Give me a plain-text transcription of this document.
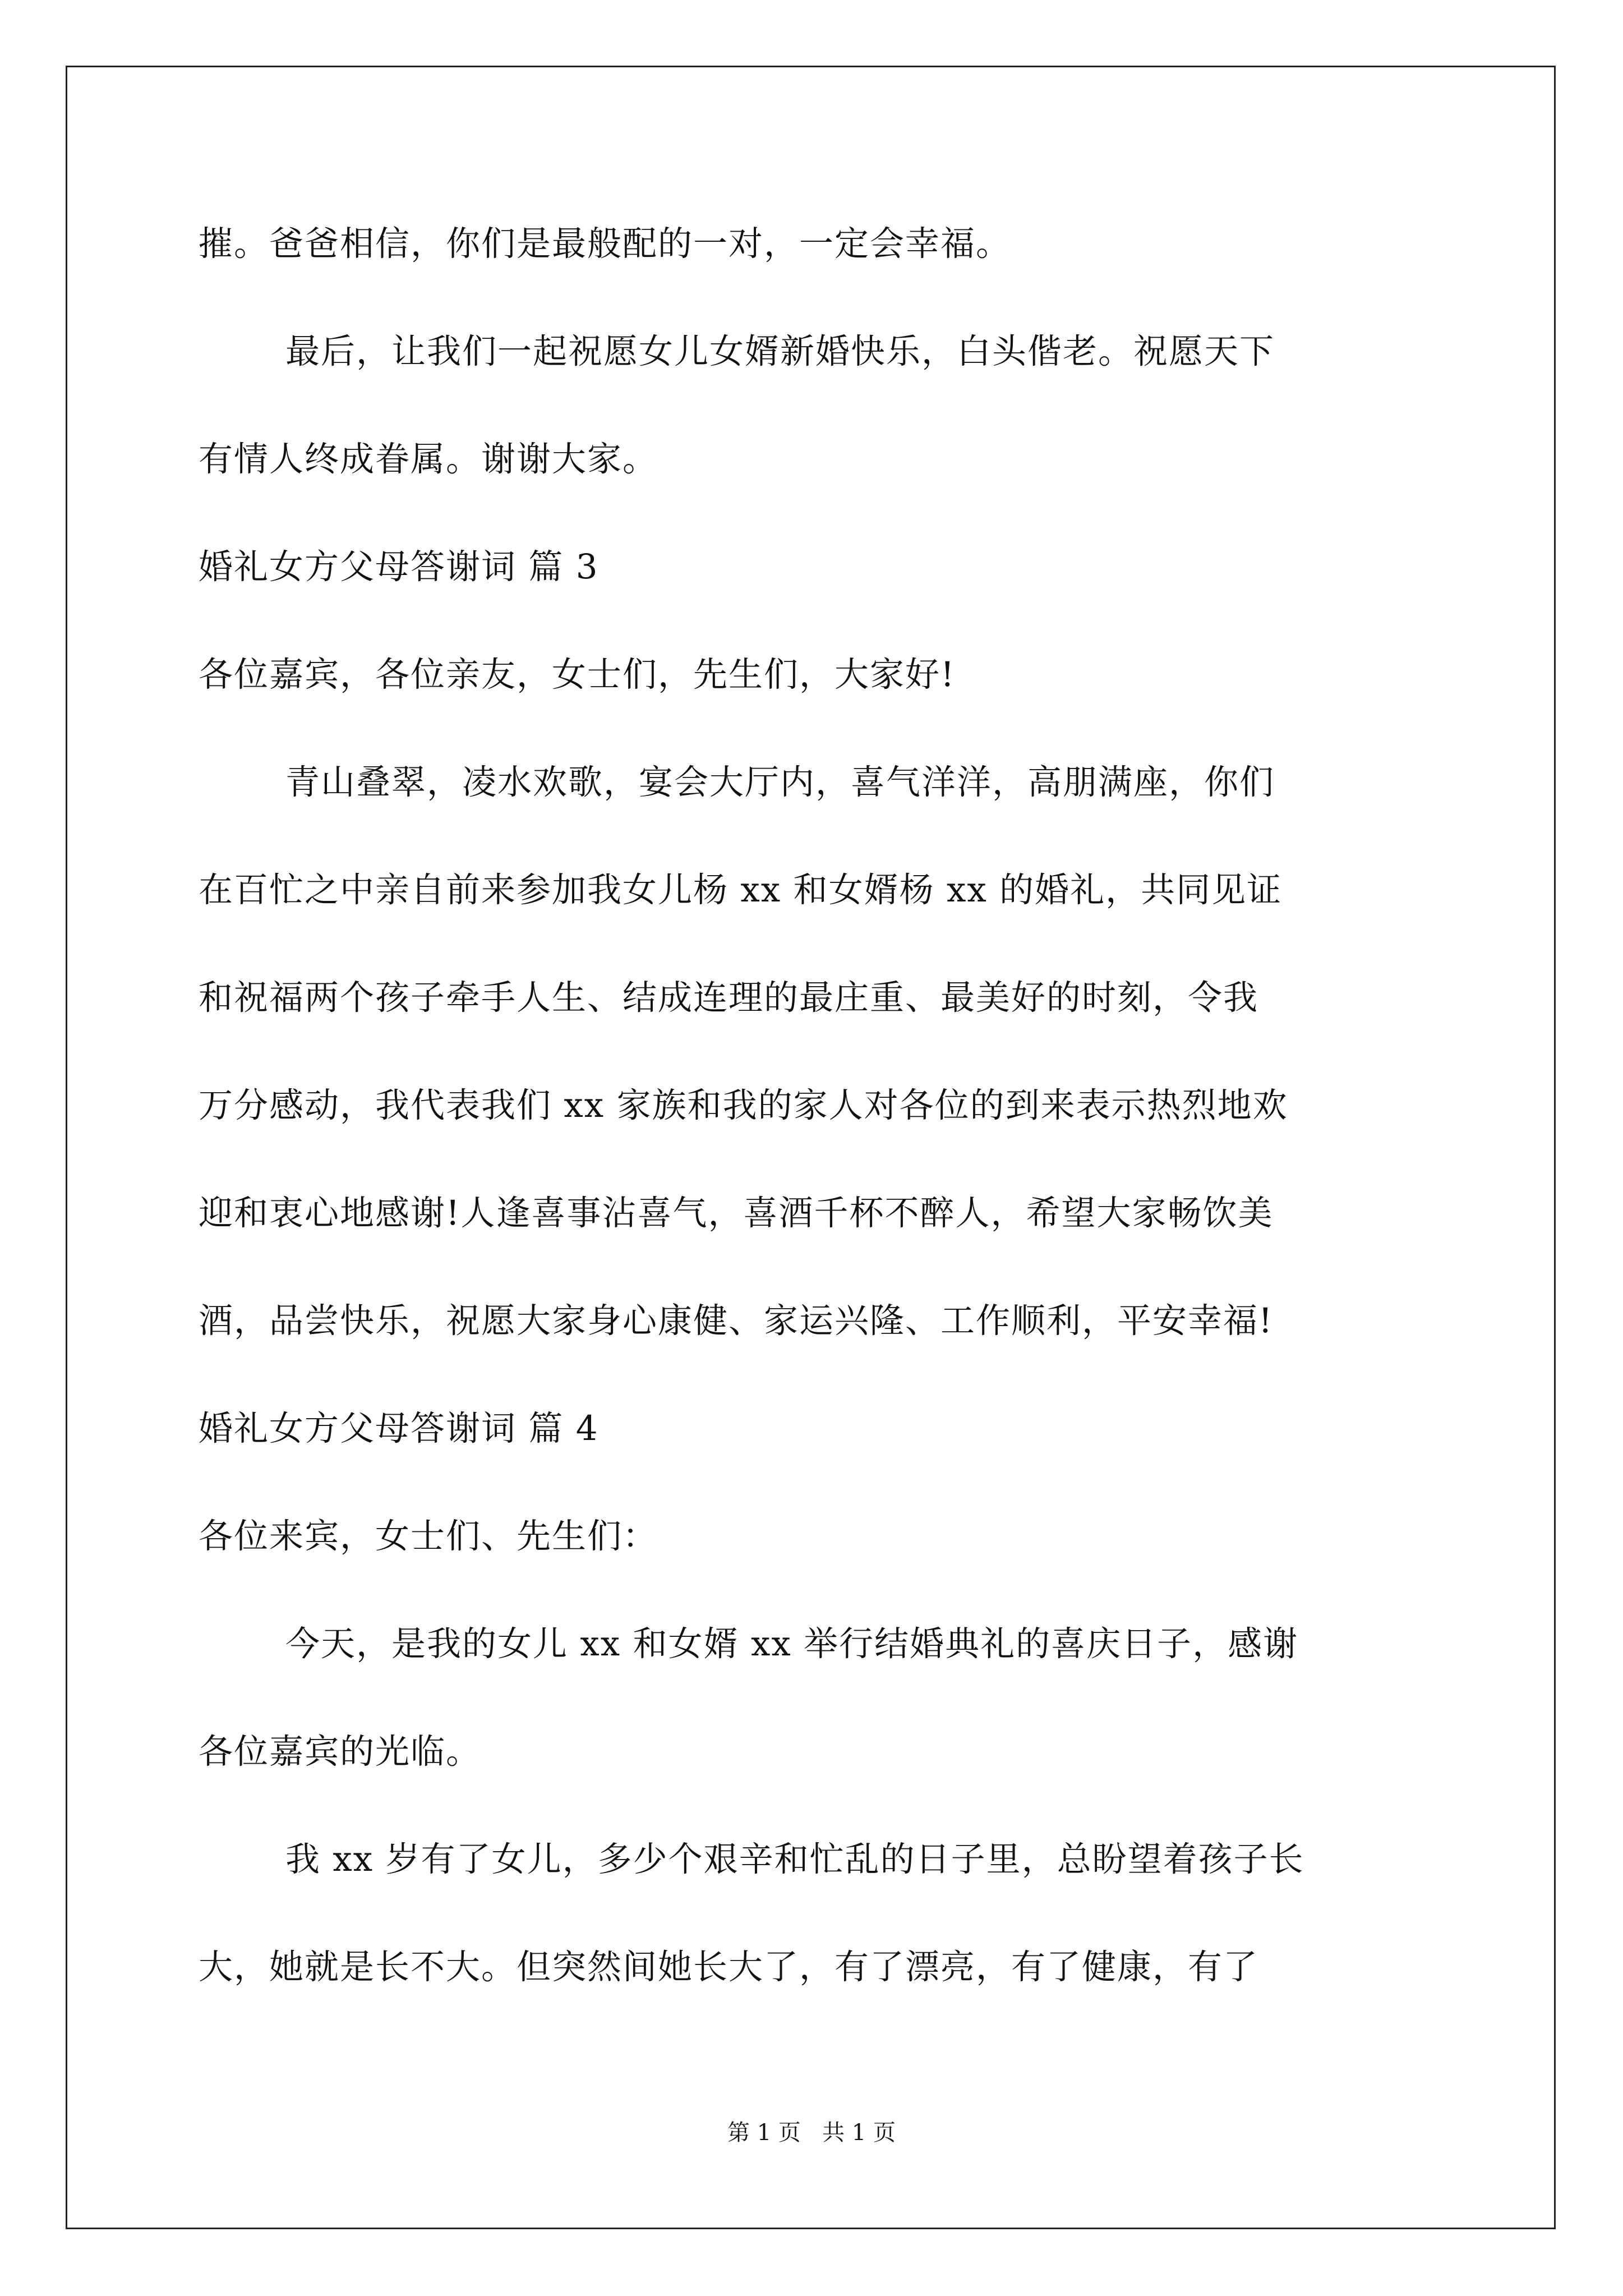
摧。爸爸相信，你们是最般配的一对，一定会幸福。
最后，让我们一起祝愿女儿女婿新婚快乐，白头偕老。祝愿天下
有情人终成眷属。谢谢大家。
婚礼女方父母答谢词 篇 3
各位嘉宾，各位亲友，女士们，先生们，大家好!
青山叠翠，凌水欢歌，宴会大厅内，喜气洋洋，高朋满座，你们
在百忙之中亲自前来参加我女儿杨 xx 和女婿杨 xx 的婚礼，共同见证
和祝福两个孩子牵手人生、结成连理的最庄重、最美好的时刻，令我
万分感动，我代表我们 xx 家族和我的家人对各位的到来表示热烈地欢
迎和衷心地感谢!人逢喜事沾喜气，喜酒千杯不醉人，希望大家畅饮美
酒，品尝快乐，祝愿大家身心康健、家运兴隆、工作顺利，平安幸福!
婚礼女方父母答谢词 篇 4
各位来宾，女士们、先生们：
今天，是我的女儿 xx 和女婿 xx 举行结婚典礼的喜庆日子，感谢
各位嘉宾的光临。
我 xx 岁有了女儿，多少个艰辛和忙乱的日子里，总盼望着孩子长
大，她就是长不大。但突然间她长大了，有了漂亮，有了健康，有了
第 1 页   共 1 页
